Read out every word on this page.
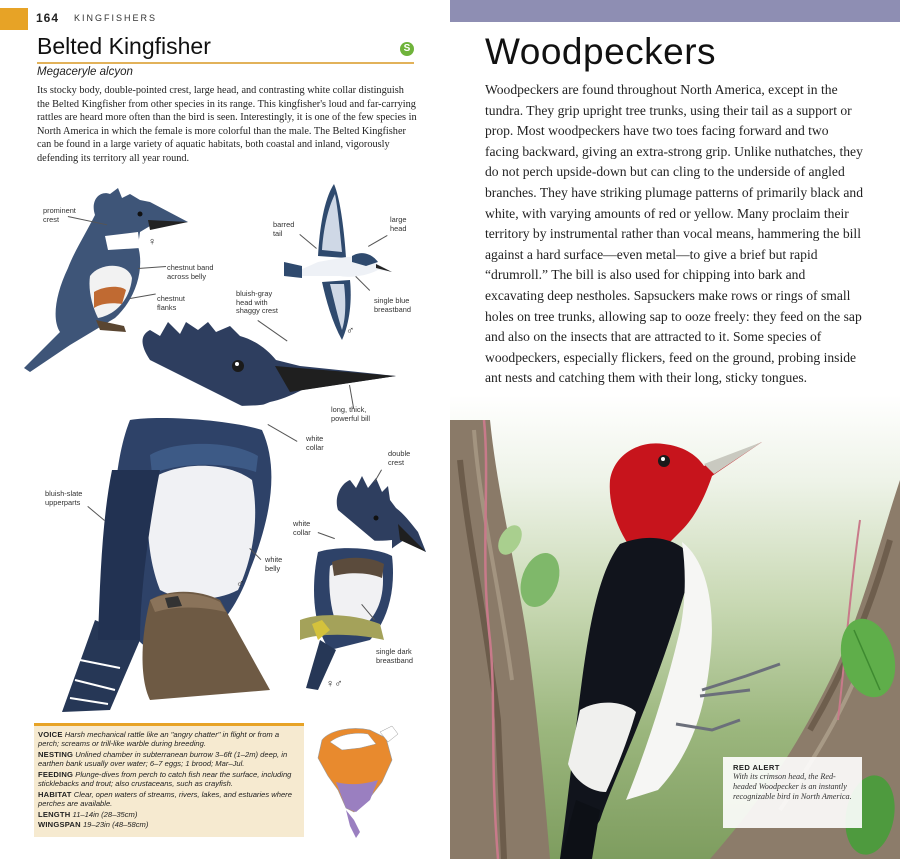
164 KINGFISHERS
Belted Kingfisher	S
Megaceryle alcyon

Its stocky body, double-pointed crest, large head, and contrasting white collar distinguish the Belted Kingfisher from other species in its range. This kingfisher's loud and far-carrying rattles are heard more often than the bird is seen. Interestingly, it is one of the few species in North America in which the female is more colorful than the male. The Belted Kingfisher can be found in a large variety of aquatic habitats, both coastal and inland, vigorously defending its territory all year round.

prominent
crest
chestnut band
across belly
chestnut
flanks
barred
tail
large
head
bluish-gray
head with
shaggy crest
single blue
breastband
long, thick,
powerful bill
white
collar
double
crest
bluish-slate
upperparts
white
collar
white
belly
single dark
breastband
♀
♂
♂
♀♂
VOICE Harsh mechanical rattle like an "angry chatter" in flight or from a perch; screams or trill-like warble during breeding.
NESTING Unlined chamber in subterranean burrow 3–6ft (1–2m) deep, in earthen bank usually over water; 6–7 eggs; 1 brood; Mar–Jul.
FEEDING Plunge-dives from perch to catch fish near the surface, including sticklebacks and trout; also crustaceans, such as crayfish.
HABITAT Clear, open waters of streams, rivers, lakes, and estuaries where perches are available.
LENGTH 11–14in (28–35cm)
WINGSPAN 19–23in (48–58cm)
Woodpeckers

Woodpeckers are found throughout North America, except in the tundra. They grip upright tree trunks, using their tail as a support or prop. Most woodpeckers have two toes facing forward and two facing backward, giving an extra-strong grip. Unlike nuthatches, they do not perch upside-down but can cling to the underside of angled branches. They have striking plumage patterns of primarily black and white, with varying amounts of red or yellow. Many proclaim their territory by instrumental rather than vocal means, hammering the bill against a hard surface—even metal—to give a brief but rapid “drumroll.” The bill is also used for chipping into bark and excavating deep nestholes. Sapsuckers make rows or rings of small holes on tree trunks, allowing sap to ooze freely: they feed on the sap and also on the insects that are attracted to it. Some species of woodpeckers, especially flickers, feed on the ground, probing inside ant nests and catching them with their long, sticky tongues.

RED ALERT
With its crimson head, the Red-headed Woodpecker is an instantly recognizable bird in North America.
